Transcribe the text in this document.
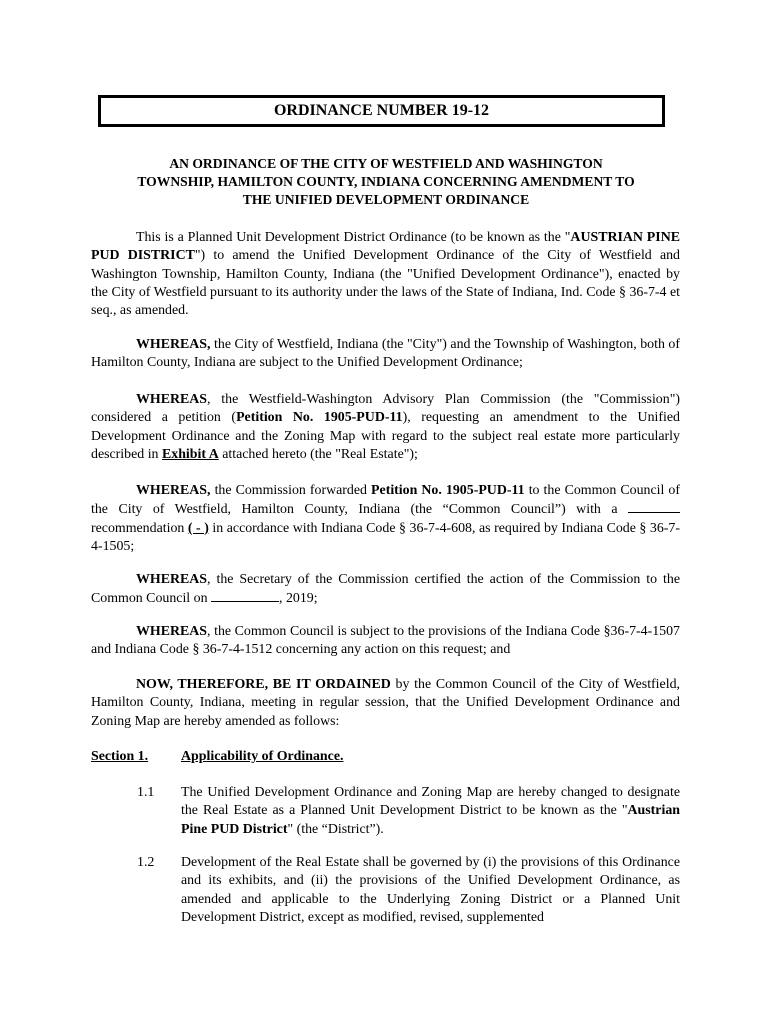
ORDINANCE NUMBER 19-12
AN ORDINANCE OF THE CITY OF WESTFIELD AND WASHINGTON
TOWNSHIP, HAMILTON COUNTY, INDIANA CONCERNING AMENDMENT TO
THE UNIFIED DEVELOPMENT ORDINANCE

This is a Planned Unit Development District Ordinance (to be known as the "AUSTRIAN PINE PUD DISTRICT") to amend the Unified Development Ordinance of the City of Westfield and Washington Township, Hamilton County, Indiana (the "Unified Development Ordinance"), enacted by the City of Westfield pursuant to its authority under the laws of the State of Indiana, Ind. Code § 36-7-4 et seq., as amended.

WHEREAS, the City of Westfield, Indiana (the "City") and the Township of Washington, both of Hamilton County, Indiana are subject to the Unified Development Ordinance;

WHEREAS, the Westfield-Washington Advisory Plan Commission (the "Commission") considered a petition (Petition No. 1905-PUD-11), requesting an amendment to the Unified Development Ordinance and the Zoning Map with regard to the subject real estate more particularly described in Exhibit A attached hereto (the "Real Estate");

WHEREAS, the Commission forwarded Petition No. 1905-PUD-11 to the Common Council of the City of Westfield, Hamilton County, Indiana (the “Common Council”) with a  recommendation ( - ) in accordance with Indiana Code § 36-7-4-608, as required by Indiana Code § 36-7-4-1505;

WHEREAS, the Secretary of the Commission certified the action of the Commission to the Common Council on	, 2019;

WHEREAS, the Common Council is subject to the provisions of the Indiana Code §36-7-4-1507 and Indiana Code § 36-7-4-1512 concerning any action on this request; and

NOW, THEREFORE, BE IT ORDAINED by the Common Council of the City of Westfield, Hamilton County, Indiana, meeting in regular session, that the Unified Development Ordinance and Zoning Map are hereby amended as follows:

Section 1. Applicability of Ordinance.
1.1 The Unified Development Ordinance and Zoning Map are hereby changed to designate the Real Estate as a Planned Unit Development District to be known as the "Austrian Pine PUD District" (the “District”).

1.2 Development of the Real Estate shall be governed by (i) the provisions of this Ordinance and its exhibits, and (ii) the provisions of the Unified Development Ordinance, as amended and applicable to the Underlying Zoning District or a Planned Unit Development District, except as modified, revised, supplemented
